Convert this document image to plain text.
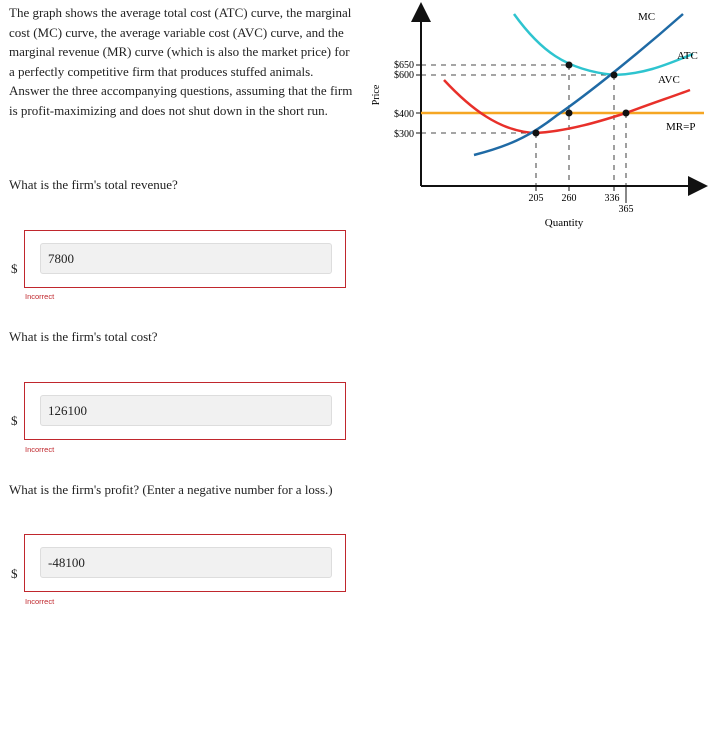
The graph shows the average total cost (ATC) curve, the marginal cost (MC) curve, the average variable cost (AVC) curve, and the marginal revenue (MR) curve (which is also the market price) for a perfectly competitive firm that produces stuffed animals. Answer the three accompanying questions, assuming that the firm is profit-maximizing and does not shut down in the short run.
$650
$600
$400
$300
Price
205 260	336
365
Quantity
MC
ATC
AVC
MR=P
What is the firm's total revenue?
$
7800
Incorrect
What is the firm's total cost?
$
126100
Incorrect
What is the firm's profit? (Enter a negative number for a loss.)
$
-48100
Incorrect
